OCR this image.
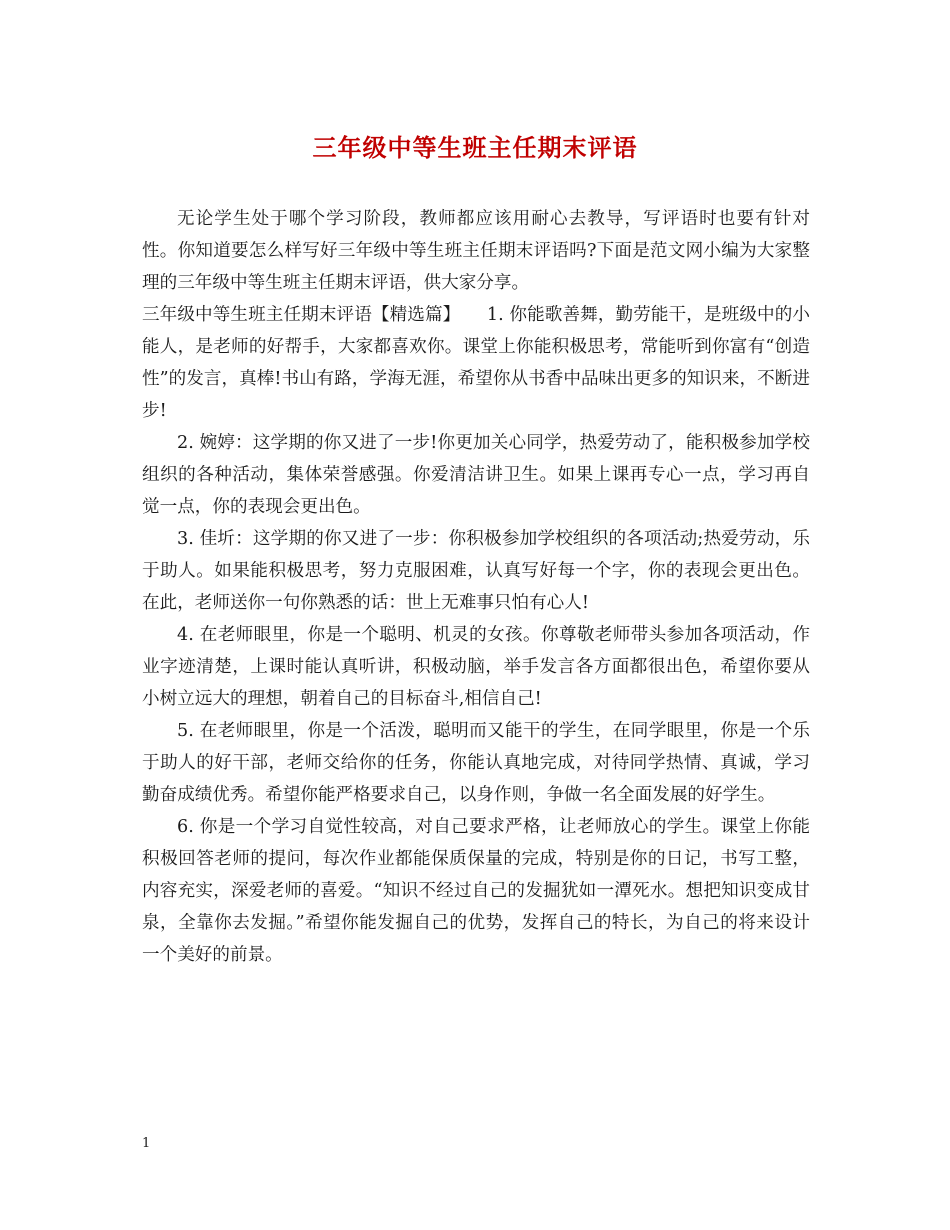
三年级中等生班主任期末评语

无论学生处于哪个学习阶段，教师都应该用耐心去教导，写评语时也要有针对性。你知道要怎么样写好三年级中等生班主任期末评语吗?下面是范文网小编为大家整理的三年级中等生班主任期末评语，供大家分享。

三年级中等生班主任期末评语【精选篇】　　1. 你能歌善舞，勤劳能干，是班级中的小能人，是老师的好帮手，大家都喜欢你。课堂上你能积极思考，常能听到你富有“创造性”的发言，真棒!书山有路，学海无涯，希望你从书香中品味出更多的知识来，不断进步!

2. 婉婷：这学期的你又进了一步!你更加关心同学，热爱劳动了，能积极参加学校组织的各种活动，集体荣誉感强。你爱清洁讲卫生。如果上课再专心一点，学习再自觉一点，你的表现会更出色。

3. 佳圻：这学期的你又进了一步：你积极参加学校组织的各项活动;热爱劳动，乐于助人。如果能积极思考，努力克服困难，认真写好每一个字，你的表现会更出色。在此，老师送你一句你熟悉的话：世上无难事只怕有心人!

4. 在老师眼里，你是一个聪明、机灵的女孩。你尊敬老师带头参加各项活动，作业字迹清楚，上课时能认真听讲，积极动脑，举手发言各方面都很出色，希望你要从小树立远大的理想，朝着自己的目标奋斗,相信自己!

5. 在老师眼里，你是一个活泼，聪明而又能干的学生，在同学眼里，你是一个乐于助人的好干部，老师交给你的任务，你能认真地完成，对待同学热情、真诚，学习勤奋成绩优秀。希望你能严格要求自己，以身作则，争做一名全面发展的好学生。

6. 你是一个学习自觉性较高，对自己要求严格，让老师放心的学生。课堂上你能积极回答老师的提问，每次作业都能保质保量的完成，特别是你的日记，书写工整，内容充实，深爱老师的喜爱。“知识不经过自己的发掘犹如一潭死水。想把知识变成甘泉，全靠你去发掘。”希望你能发掘自己的优势，发挥自己的特长，为自己的将来设计一个美好的前景。

1
